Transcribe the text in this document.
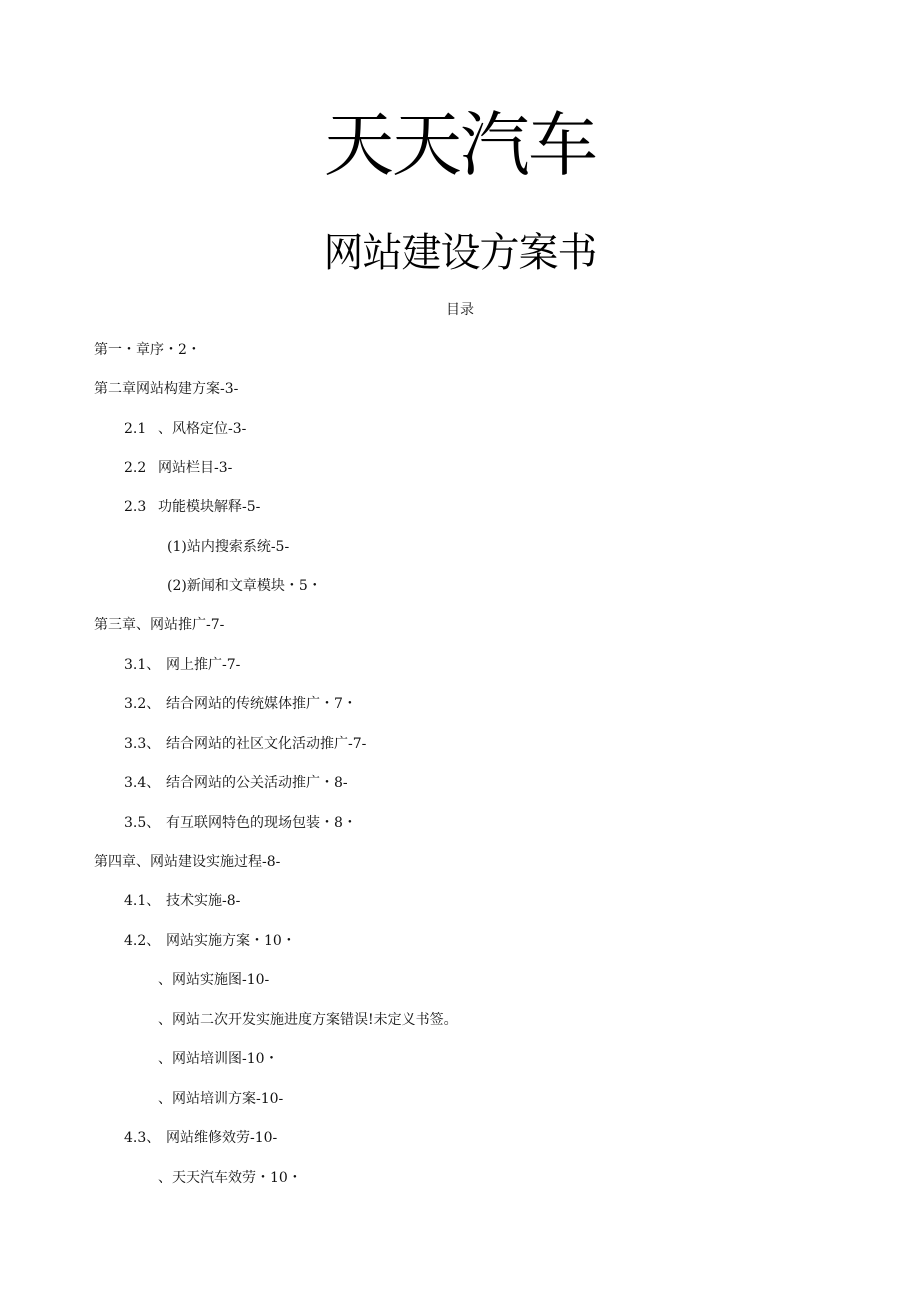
天天汽车
网站建设方案书
目录
第一・章序・2・
第二章网站构建方案-3-
2.1 、风格定位-3-
2.2 网站栏目-3-
2.3 功能模块解释-5-
(1)站内搜索系统-5-
(2)新闻和文章模块・5・
第三章、网站推广-7-
3.1、 网上推广-7-
3.2、 结合网站的传统媒体推广・7・
3.3、 结合网站的社区文化活动推广-7-
3.4、 结合网站的公关活动推广・8-
3.5、 有互联网特色的现场包装・8・
第四章、网站建设实施过程-8-
4.1、 技术实施-8-
4.2、 网站实施方案・10・
、网站实施图-10-
、网站二次开发实施进度方案错误!未定义书签。
、网站培训图-10・
、网站培训方案-10-
4.3、 网站维修效劳-10-
、天天汽车效劳・10・
